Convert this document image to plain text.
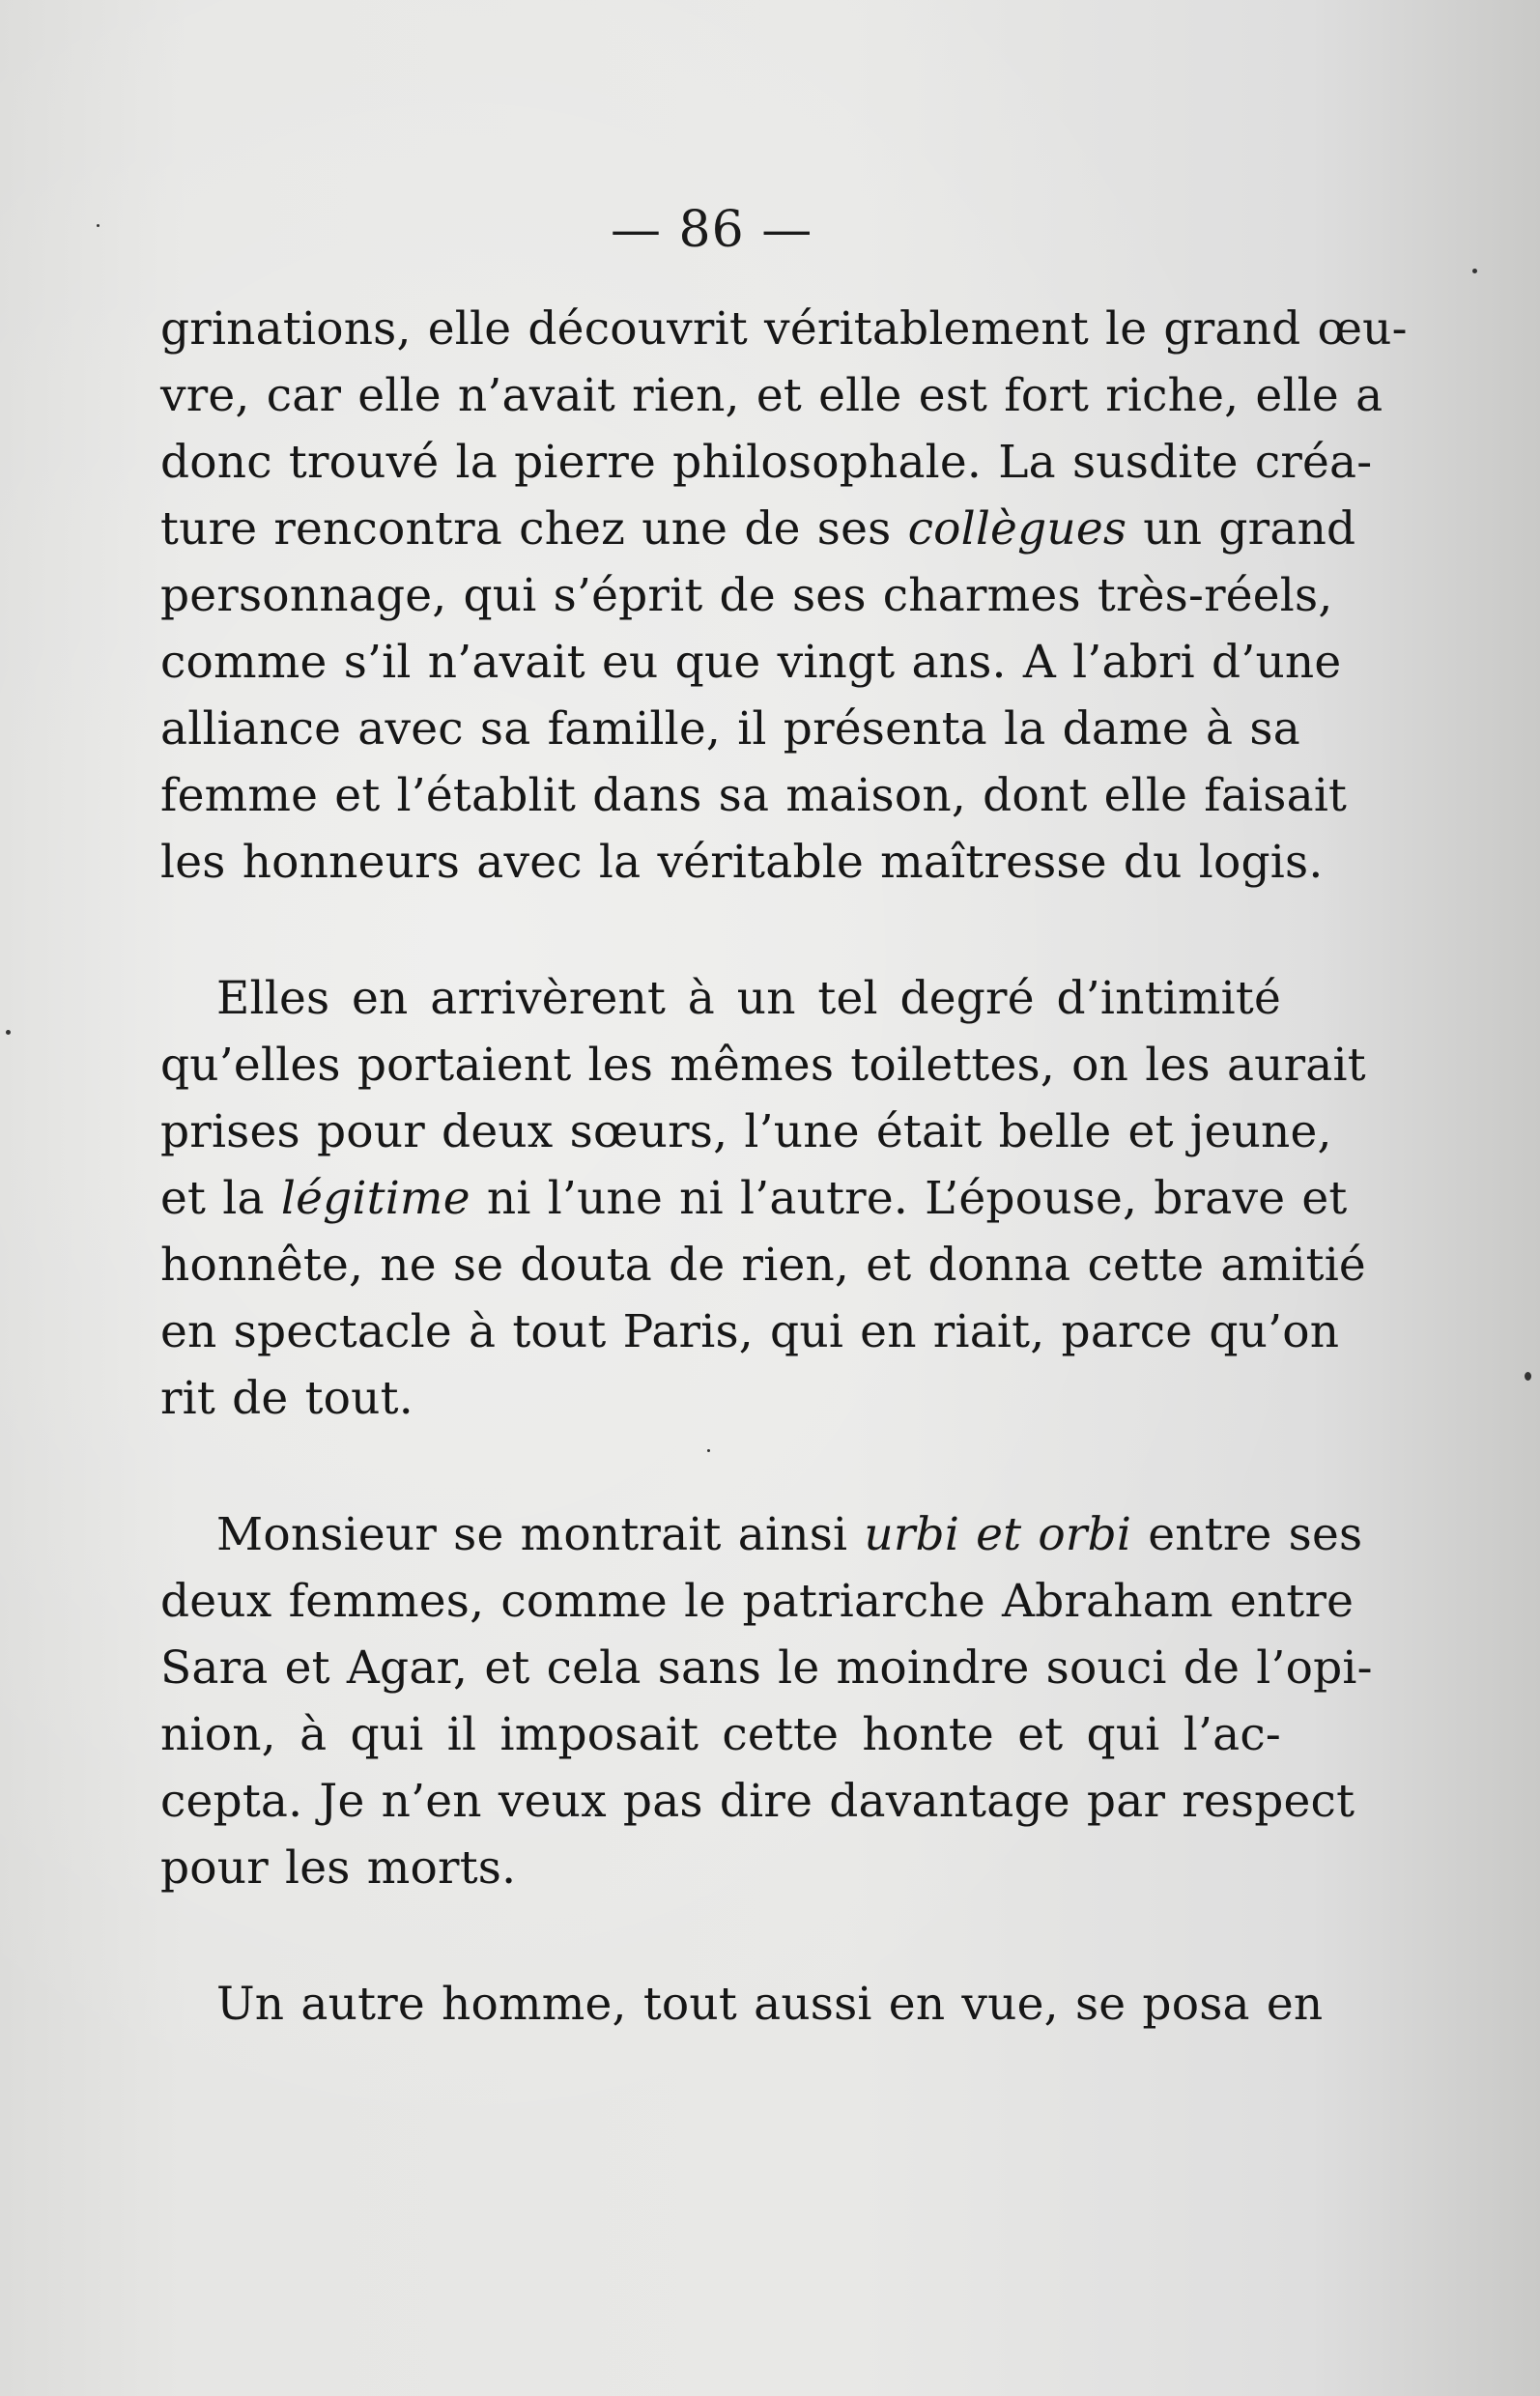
— 86 —
grinations, elle découvrit véritablement le grand œu-
vre, car elle n’avait rien, et elle est fort riche, elle a
donc trouvé la pierre philosophale. La susdite créa-
ture rencontra chez une de ses collègues un grand
personnage, qui s’éprit de ses charmes très-réels,
comme s’il n’avait eu que vingt ans. A l’abri d’une
alliance avec sa famille, il présenta la dame à sa
femme et l’établit dans sa maison, dont elle faisait
les honneurs avec la véritable maîtresse du logis.
Elles en arrivèrent à un tel degré d’intimité
qu’elles portaient les mêmes toilettes, on les aurait
prises pour deux sœurs, l’une était belle et jeune,
et la légitime ni l’une ni l’autre. L’épouse, brave et
honnête, ne se douta de rien, et donna cette amitié
en spectacle à tout Paris, qui en riait, parce qu’on
rit de tout.
Monsieur se montrait ainsi urbi et orbi entre ses
deux femmes, comme le patriarche Abraham entre
Sara et Agar, et cela sans le moindre souci de l’opi-
nion, à qui il imposait cette honte et qui l’ac-
cepta. Je n’en veux pas dire davantage par respect
pour les morts.
Un autre homme, tout aussi en vue, se posa en
